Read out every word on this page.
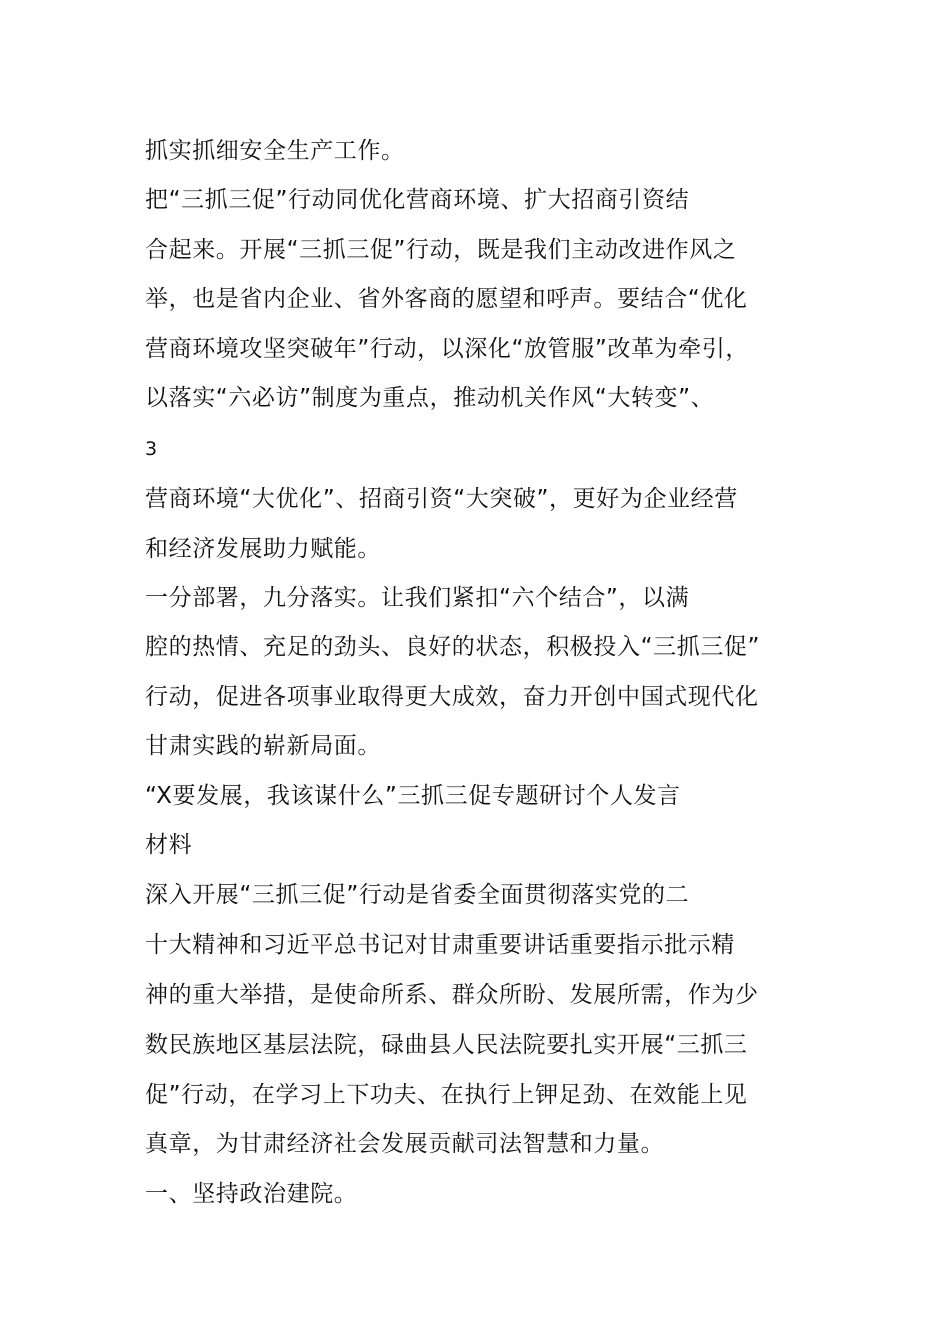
抓实抓细安全生产工作。
把“三抓三促”行动同优化营商环境、扩大招商引资结
合起来。开展“三抓三促”行动，既是我们主动改进作风之
举，也是省内企业、省外客商的愿望和呼声。要结合“优化
营商环境攻坚突破年”行动，以深化“放管服”改革为牵引，
以落实“六必访”制度为重点，推动机关作风“大转变”、
3
营商环境“大优化”、招商引资“大突破”，更好为企业经营
和经济发展助力赋能。
一分部署，九分落实。让我们紧扣“六个结合”，以满
腔的热情、充足的劲头、良好的状态，积极投入“三抓三促”
行动，促进各项事业取得更大成效，奋力开创中国式现代化
甘肃实践的崭新局面。
“X要发展，我该谋什么”三抓三促专题研讨个人发言
材料
深入开展“三抓三促”行动是省委全面贯彻落实党的二
十大精神和习近平总书记对甘肃重要讲话重要指示批示精
神的重大举措，是使命所系、群众所盼、发展所需，作为少
数民族地区基层法院，碌曲县人民法院要扎实开展“三抓三
促”行动，在学习上下功夫、在执行上钾足劲、在效能上见
真章，为甘肃经济社会发展贡献司法智慧和力量。
一、坚持政治建院。
